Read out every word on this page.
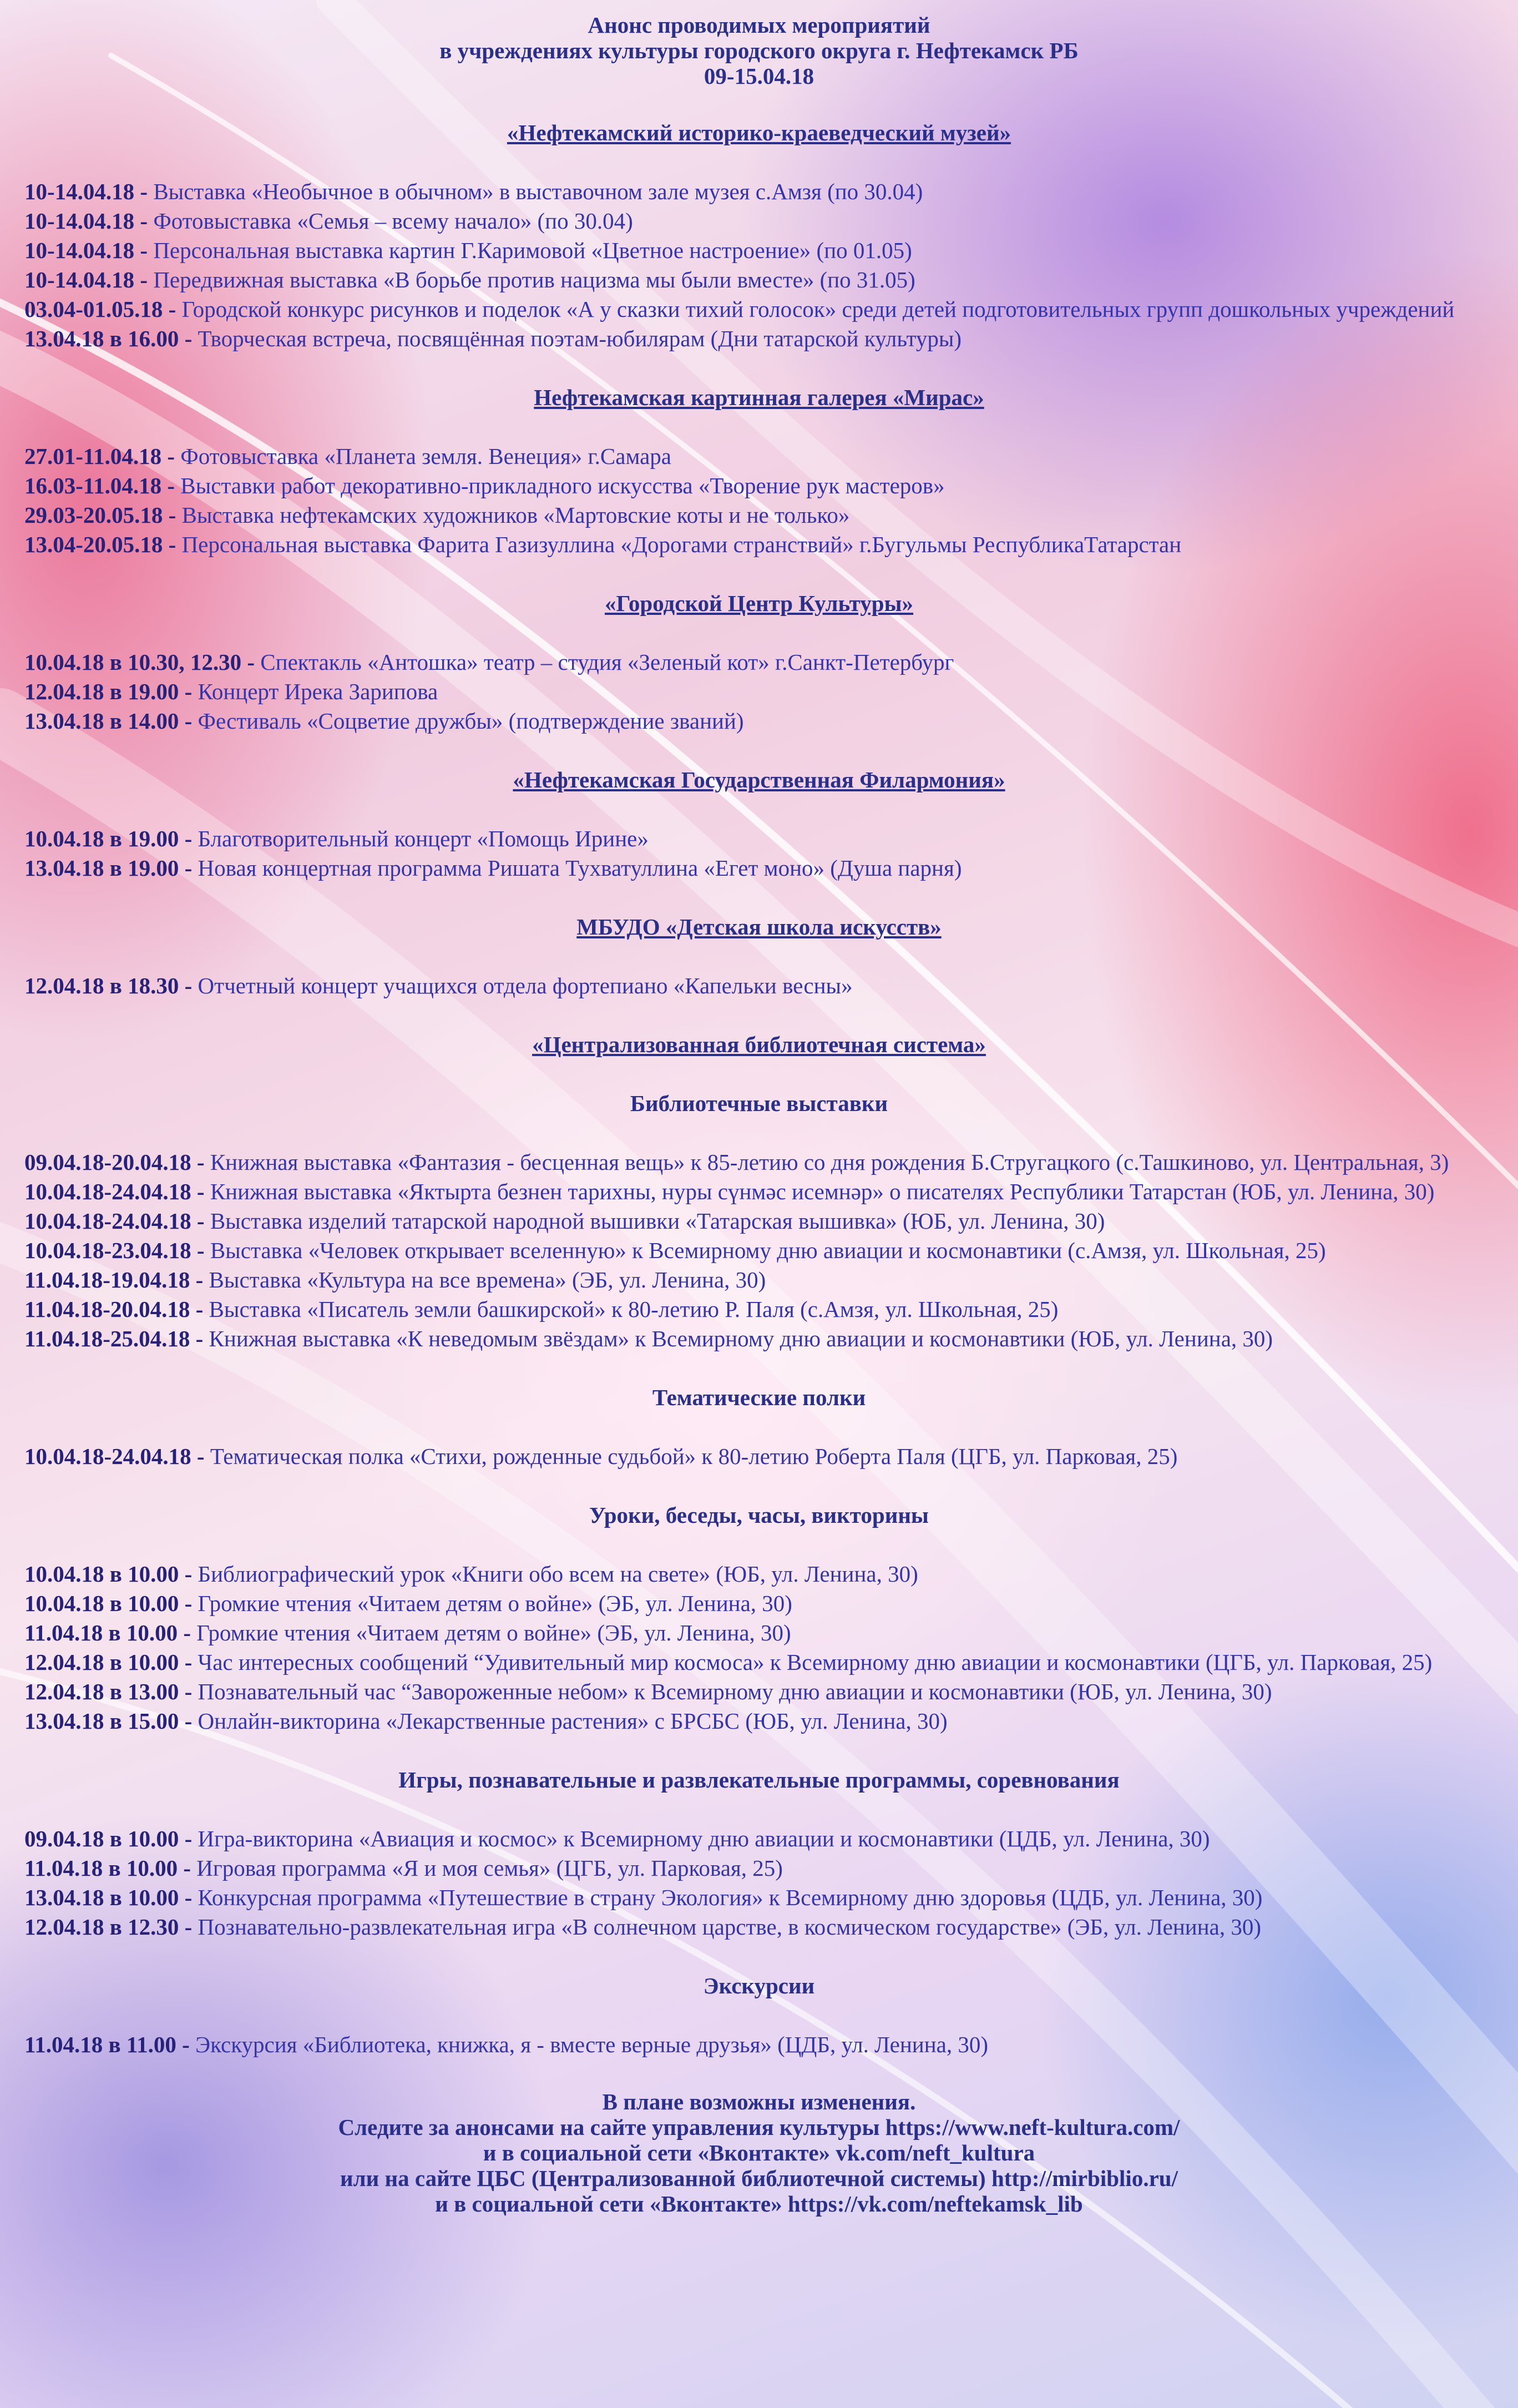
Анонс проводимых мероприятий
в учреждениях культуры городского округа г. Нефтекамск РБ
09-15.04.18
«Нефтекамский историко-краеведческий музей»
10-14.04.18 - Выставка «Необычное в обычном» в выставочном зале музея с.Амзя (по 30.04)
10-14.04.18 - Фотовыставка «Семья – всему начало» (по 30.04)
10-14.04.18 - Персональная выставка картин Г.Каримовой «Цветное настроение» (по 01.05)
10-14.04.18 - Передвижная выставка «В борьбе против нацизма мы были вместе» (по 31.05)
03.04-01.05.18 - Городской конкурс рисунков и поделок «А у сказки тихий голосок» среди детей подготовительных групп дошкольных учреждений
13.04.18 в 16.00 - Творческая встреча, посвящённая поэтам-юбилярам (Дни татарской культуры)
Нефтекамская картинная галерея «Мирас»
27.01-11.04.18 - Фотовыставка «Планета земля. Венеция» г.Самара
16.03-11.04.18 - Выставки работ декоративно-прикладного искусства «Творение рук мастеров»
29.03-20.05.18 - Выставка нефтекамских художников «Мартовские коты и не только»
13.04-20.05.18 - Персональная выставка Фарита Газизуллина «Дорогами странствий» г.Бугульмы РеспубликаТатарстан
«Городской Центр Культуры»
10.04.18 в 10.30, 12.30 - Спектакль «Антошка» театр – студия «Зеленый кот» г.Санкт-Петербург
12.04.18 в 19.00 - Концерт Ирека Зарипова
13.04.18 в 14.00 - Фестиваль «Соцветие дружбы» (подтверждение званий)
«Нефтекамская Государственная Филармония»
10.04.18 в 19.00 - Благотворительный концерт «Помощь Ирине»
13.04.18 в 19.00 - Новая концертная программа Ришата Тухватуллина «Егет моно» (Душа парня)
МБУДО «Детская школа искусств»
12.04.18 в 18.30 - Отчетный концерт учащихся отдела фортепиано «Капельки весны»
«Централизованная библиотечная система»
Библиотечные выставки
09.04.18-20.04.18 - Книжная выставка «Фантазия - бесценная вещь» к 85-летию со дня рождения Б.Стругацкого (с.Ташкиново, ул. Центральная, 3)
10.04.18-24.04.18 - Книжная выставка «Яктырта безнен тарихны, нуры сүнмәс исемнәр» о писателях Республики Татарстан (ЮБ, ул. Ленина, 30)
10.04.18-24.04.18 - Выставка изделий татарской народной вышивки «Татарская вышивка» (ЮБ, ул. Ленина, 30)
10.04.18-23.04.18 - Выставка «Человек открывает вселенную» к Всемирному дню авиации и космонавтики (с.Амзя, ул. Школьная, 25)
11.04.18-19.04.18 - Выставка «Культура на все времена» (ЭБ, ул. Ленина, 30)
11.04.18-20.04.18 - Выставка «Писатель земли башкирской» к 80-летию Р. Паля (с.Амзя, ул. Школьная, 25)
11.04.18-25.04.18 - Книжная выставка «К неведомым звёздам» к Всемирному дню авиации и космонавтики (ЮБ, ул. Ленина, 30)
Тематические полки
10.04.18-24.04.18 - Тематическая полка «Стихи, рожденные судьбой» к 80-летию Роберта Паля (ЦГБ, ул. Парковая, 25)
Уроки, беседы, часы, викторины
10.04.18 в 10.00 - Библиографический урок «Книги обо всем на свете» (ЮБ, ул. Ленина, 30)
10.04.18 в 10.00 - Громкие чтения «Читаем детям о войне» (ЭБ, ул. Ленина, 30)
11.04.18 в 10.00 - Громкие чтения «Читаем детям о войне» (ЭБ, ул. Ленина, 30)
12.04.18 в 10.00 - Час интересных сообщений “Удивительный мир космоса» к Всемирному дню авиации и космонавтики (ЦГБ, ул. Парковая, 25)
12.04.18 в 13.00 - Познавательный час “Завороженные небом» к Всемирному дню авиации и космонавтики (ЮБ, ул. Ленина, 30)
13.04.18 в 15.00 - Онлайн-викторина «Лекарственные растения» с БРСБС (ЮБ, ул. Ленина, 30)
Игры, познавательные и развлекательные программы, соревнования
09.04.18 в 10.00 - Игра-викторина «Авиация и космос» к Всемирному дню авиации и космонавтики (ЦДБ, ул. Ленина, 30)
11.04.18 в 10.00 - Игровая программа «Я и моя семья» (ЦГБ, ул. Парковая, 25)
13.04.18 в 10.00 - Конкурсная программа «Путешествие в страну Экология» к Всемирному дню здоровья (ЦДБ, ул. Ленина, 30)
12.04.18 в 12.30 - Познавательно-развлекательная игра «В солнечном царстве, в космическом государстве» (ЭБ, ул. Ленина, 30)
Экскурсии
11.04.18 в 11.00 - Экскурсия «Библиотека, книжка, я - вместе верные друзья» (ЦДБ, ул. Ленина, 30)
В плане возможны изменения.
Следите за анонсами на сайте управления культуры https://www.neft-kultura.com/
и в социальной сети «Вконтакте» vk.com/neft_kultura
или на сайте ЦБС (Централизованной библиотечной системы) http://mirbiblio.ru/
и в социальной сети «Вконтакте» https://vk.com/neftekamsk_lib
